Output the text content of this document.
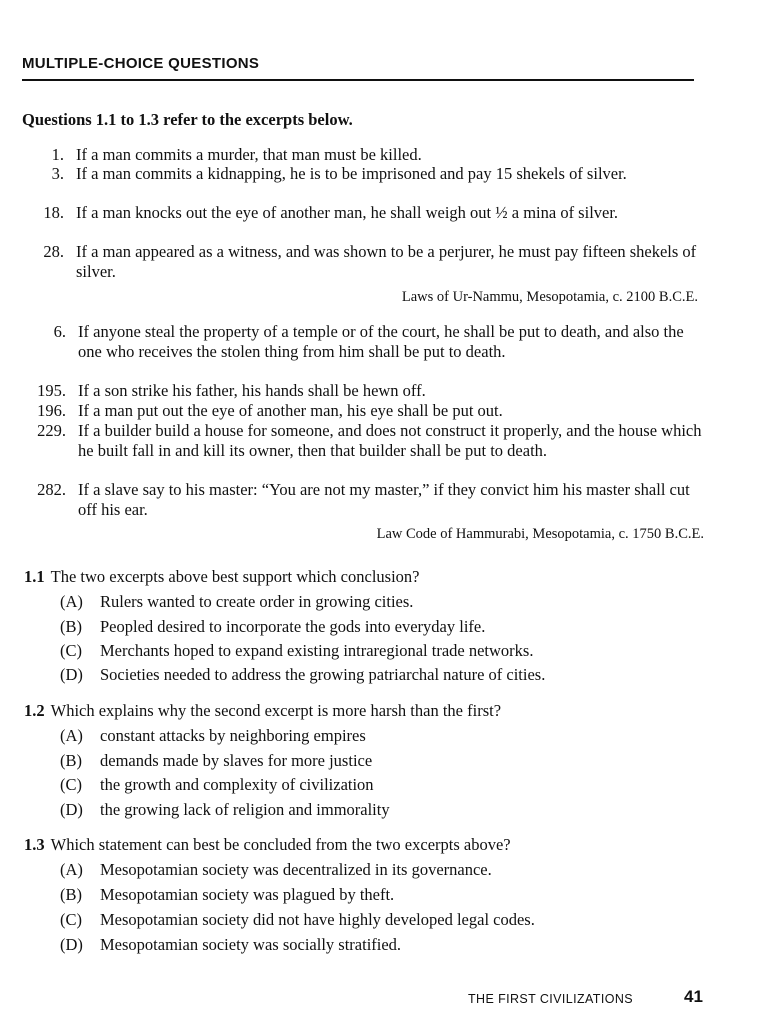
MULTIPLE-CHOICE QUESTIONS
Questions 1.1 to 1.3 refer to the excerpts below.
1. If a man commits a murder, that man must be killed.
3. If a man commits a kidnapping, he is to be imprisoned and pay 15 shekels of silver.
18. If a man knocks out the eye of another man, he shall weigh out ½ a mina of silver.
28. If a man appeared as a witness, and was shown to be a perjurer, he must pay fifteen shekels of silver.
Laws of Ur-Nammu, Mesopotamia, c. 2100 B.C.E.
6. If anyone steal the property of a temple or of the court, he shall be put to death, and also the one who receives the stolen thing from him shall be put to death.
195. If a son strike his father, his hands shall be hewn off.
196. If a man put out the eye of another man, his eye shall be put out.
229. If a builder build a house for someone, and does not construct it properly, and the house which he built fall in and kill its owner, then that builder shall be put to death.
282. If a slave say to his master: “You are not my master,” if they convict him his master shall cut off his ear.
Law Code of Hammurabi, Mesopotamia, c. 1750 B.C.E.
1.1 The two excerpts above best support which conclusion?
(A) Rulers wanted to create order in growing cities.
(B) Peopled desired to incorporate the gods into everyday life.
(C) Merchants hoped to expand existing intraregional trade networks.
(D) Societies needed to address the growing patriarchal nature of cities.
1.2 Which explains why the second excerpt is more harsh than the first?
(A) constant attacks by neighboring empires
(B) demands made by slaves for more justice
(C) the growth and complexity of civilization
(D) the growing lack of religion and immorality
1.3 Which statement can best be concluded from the two excerpts above?
(A) Mesopotamian society was decentralized in its governance.
(B) Mesopotamian society was plagued by theft.
(C) Mesopotamian society did not have highly developed legal codes.
(D) Mesopotamian society was socially stratified.
THE FIRST CIVILIZATIONS	41
